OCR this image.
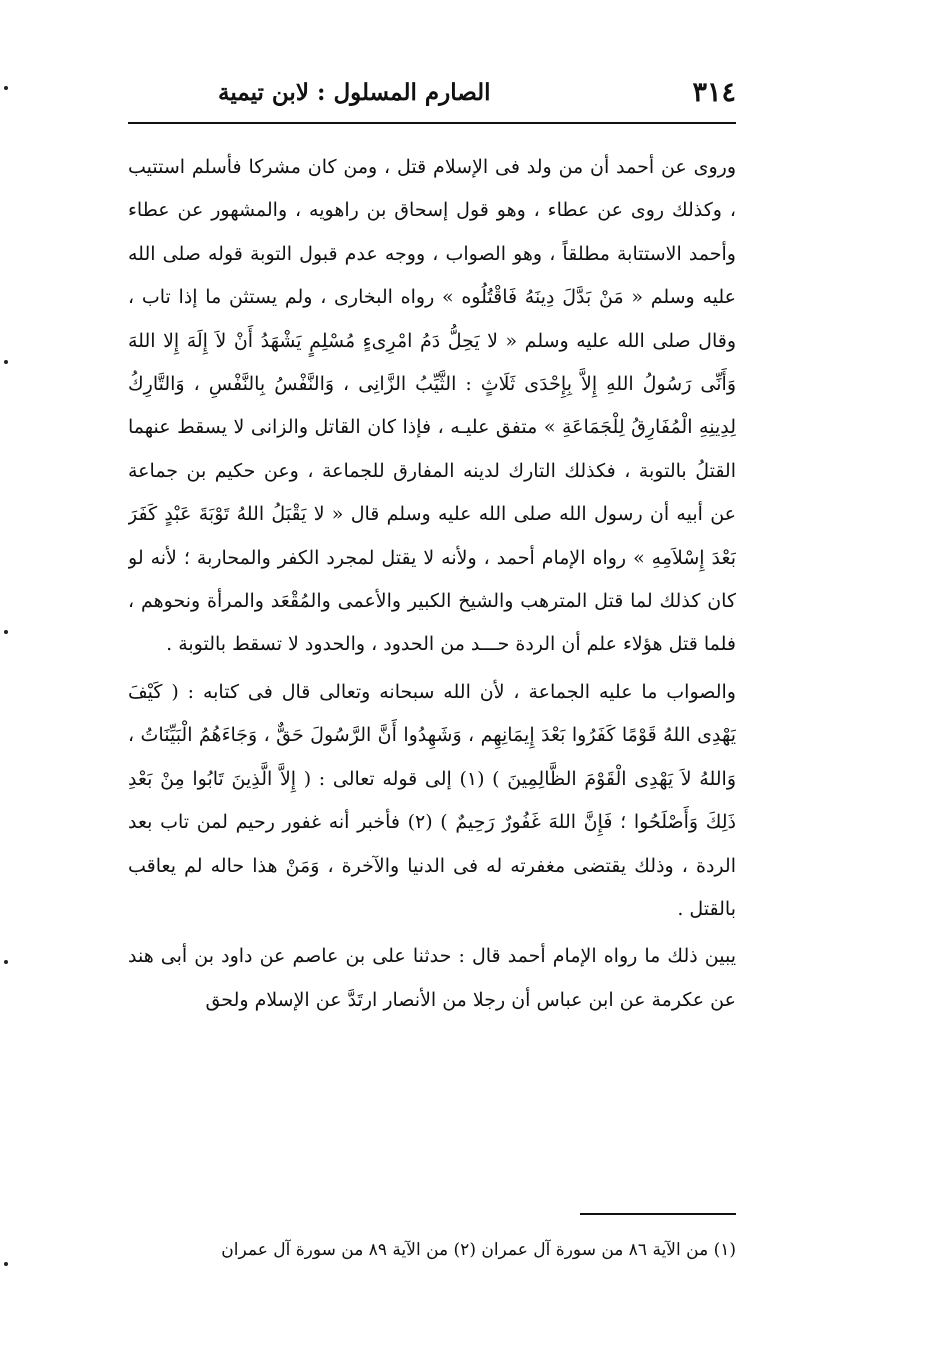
٣١٤
الصارم المسلول : لابن تيمية

وروى عن أحمد أن من ولد فى الإسلام قتل ، ومن كان مشركا فأسلم استتيب ، وكذلك روى عن عطاء ، وهو قول إسحاق بن راهويه ، والمشهور عن عطاء وأحمد الاستتابة مطلقاً ، وهو الصواب ، ووجه عدم قبول التوبة قوله صلى الله عليه وسلم « مَنْ بَدَّلَ دِينَهُ فَاقْتُلُوه » رواه البخارى ، ولم يستثن ما إذا تاب ، وقال صلى الله عليه وسلم « لا يَحِلُّ دَمُ امْرِىءٍ مُسْلِمٍ يَشْهَدُ أَنْ لاَ إِلَهَ إِلا اللهَ وَأَنِّى رَسُولُ اللهِ إِلاَّ بِإِحْدَى ثَلَاثٍ : الثَّيِّبُ الزَّانِى ، وَالنَّفْسُ بِالنَّفْسِ ، وَالتَّارِكُ لِدِينِهِ الْمُفَارِقُ لِلْجَمَاعَةِ » متفق عليـه ، فإذا كان القاتل والزانى لا يسقط عنهما القتلُ بالتوبة ، فكذلك التارك لدينه المفارق للجماعة ، وعن حكيم بن جماعة عن أبيه أن رسول الله صلى الله عليه وسلم قال « لا يَقْبَلُ اللهُ تَوْبَةَ عَبْدٍ كَفَرَ بَعْدَ إِسْلاَمِهِ » رواه الإمام أحمد ، ولأنه لا يقتل لمجرد الكفر والمحاربة ؛ لأنه لو كان كذلك لما قتل المترهب والشيخ الكبير والأعمى والمُقْعَد والمرأة ونحوهم ، فلما قتل هؤلاء علم أن الردة حـــد من الحدود ، والحدود لا تسقط بالتوبة .

والصواب ما عليه الجماعة ، لأن الله سبحانه وتعالى قال فى كتابه : ( كَيْفَ يَهْدِى اللهُ قَوْمًا كَفَرُوا بَعْدَ إِيمَانِهِم ، وَشَهِدُوا أَنَّ الرَّسُولَ حَقٌّ ، وَجَاءَهُمُ الْبَيِّنَاتُ ، وَاللهُ لاَ يَهْدِى الْقَوْمَ الظَّالِمِينَ ) (١) إلى قوله تعالى : ( إِلاَّ الَّذِينَ تَابُوا مِنْ بَعْدِ ذَلِكَ وَأَصْلَحُوا ؛ فَإِنَّ اللهَ غَفُورٌ رَحِيمٌ ) (٢) فأخبر أنه غفور رحيم لمن تاب بعد الردة ، وذلك يقتضى مغفرته له فى الدنيا والآخرة ، وَمَنْ هذا حاله لم يعاقب بالقتل .

يبين ذلك ما رواه الإمام أحمد قال : حدثنا على بن عاصم عن داود بن أبى هند عن عكرمة عن ابن عباس أن رجلا من الأنصار ارتَدَّ عن الإسلام ولحق

(١) من الآية ٨٦ من سورة آل عمران (٢) من الآية ٨٩ من سورة آل عمران
